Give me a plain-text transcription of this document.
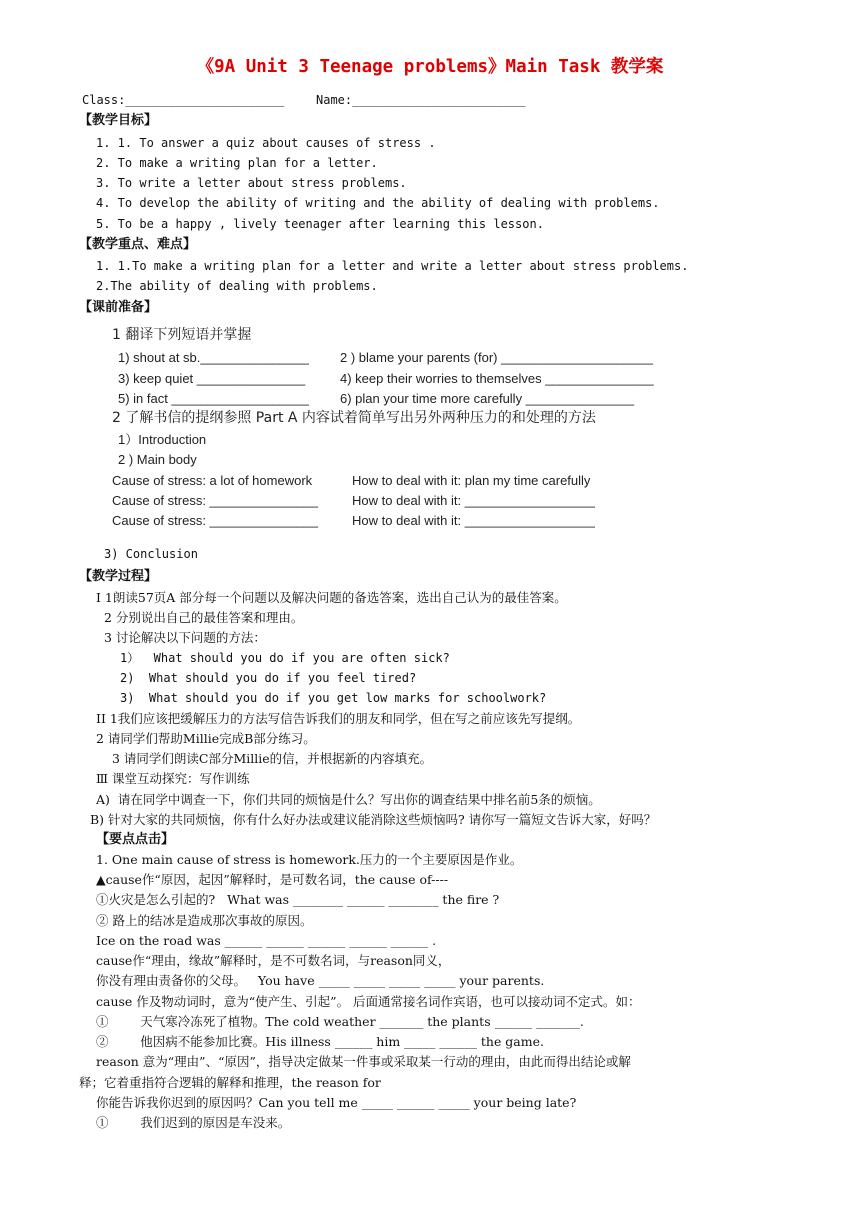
《9A Unit 3 Teenage problems》Main Task 教学案
Class:______________________	Name:________________________
【教学目标】
1. 1. To answer a quiz about causes of stress .
2. To make a writing plan for a letter.
3. To write a letter about stress problems.
4. To develop the ability of writing and the ability of dealing with problems.
5. To be a happy , lively teenager after learning this lesson.
【教学重点、难点】
1. 1.To make a writing plan for a letter and write a letter about stress problems.
2.The ability of dealing with problems.
【课前准备】
1 翻译下列短语并掌握
1) shout at sb._______________
3) keep quiet _______________
5) in fact ___________________
2 ) blame your parents (for) _____________________
4) keep their worries to themselves _______________
6) plan your time more carefully _______________
2 了解书信的提纲参照 Part A 内容试着简单写出另外两种压力的和处理的方法
1）Introduction
2 ) Main body
Cause of stress: a lot of homework
Cause of stress: _______________
Cause of stress: _______________
How to deal with it: plan my time carefully
How to deal with it: __________________
How to deal with it: __________________
3) Conclusion
【教学过程】
Ⅰ 1朗读57页A 部分每一个问题以及解决问题的备选答案，选出自己认为的最佳答案。
2 分别说出自己的最佳答案和理由。
3 讨论解决以下问题的方法：
1）  What should you do if you are often sick?
2)  What should you do if you feel tired?
3)  What should you do if you get low marks for schoolwork?
II 1我们应该把缓解压力的方法写信告诉我们的朋友和同学，但在写之前应该先写提纲。
2 请同学们帮助Millie完成B部分练习。
3 请同学们朗读C部分Millie的信，并根据新的内容填充。
Ⅲ 课堂互动探究：写作训练
A)  请在同学中调查一下，你们共同的烦恼是什么？写出你的调查结果中排名前5条的烦恼。
B) 针对大家的共同烦恼，你有什么好办法或建议能消除这些烦恼吗? 请你写一篇短文告诉大家，好吗？
【要点点击】
1. One main cause of stress is homework.压力的一个主要原因是作业。
▲cause作“原因，起因”解释时，是可数名词，the cause of----
①火灾是怎么引起的?   What was ________ ______ ________ the fire ?
② 路上的结冰是造成那次事故的原因。
Ice on the road was ______ ______ ______ ______ ______ .
cause作“理由，缘故”解释时，是不可数名词，与reason同义，
你没有理由责备你的父母。   You have _____ _____ _____ _____ your parents.
cause 作及物动词时，意为“使产生、引起”。 后面通常接名词作宾语，也可以接动词不定式。如：
①        天气寒冷冻死了植物。The cold weather _______ the plants ______ _______.
②        他因病不能参加比赛。His illness ______ him _____ ______ the game.
reason 意为“理由”、“原因”，指导决定做某一件事或采取某一行动的理由，由此而得出结论或解
释；它着重指符合逻辑的解释和推理，the reason for
你能告诉我你迟到的原因吗？Can you tell me _____ ______ _____ your being late?
①        我们迟到的原因是车没来。
